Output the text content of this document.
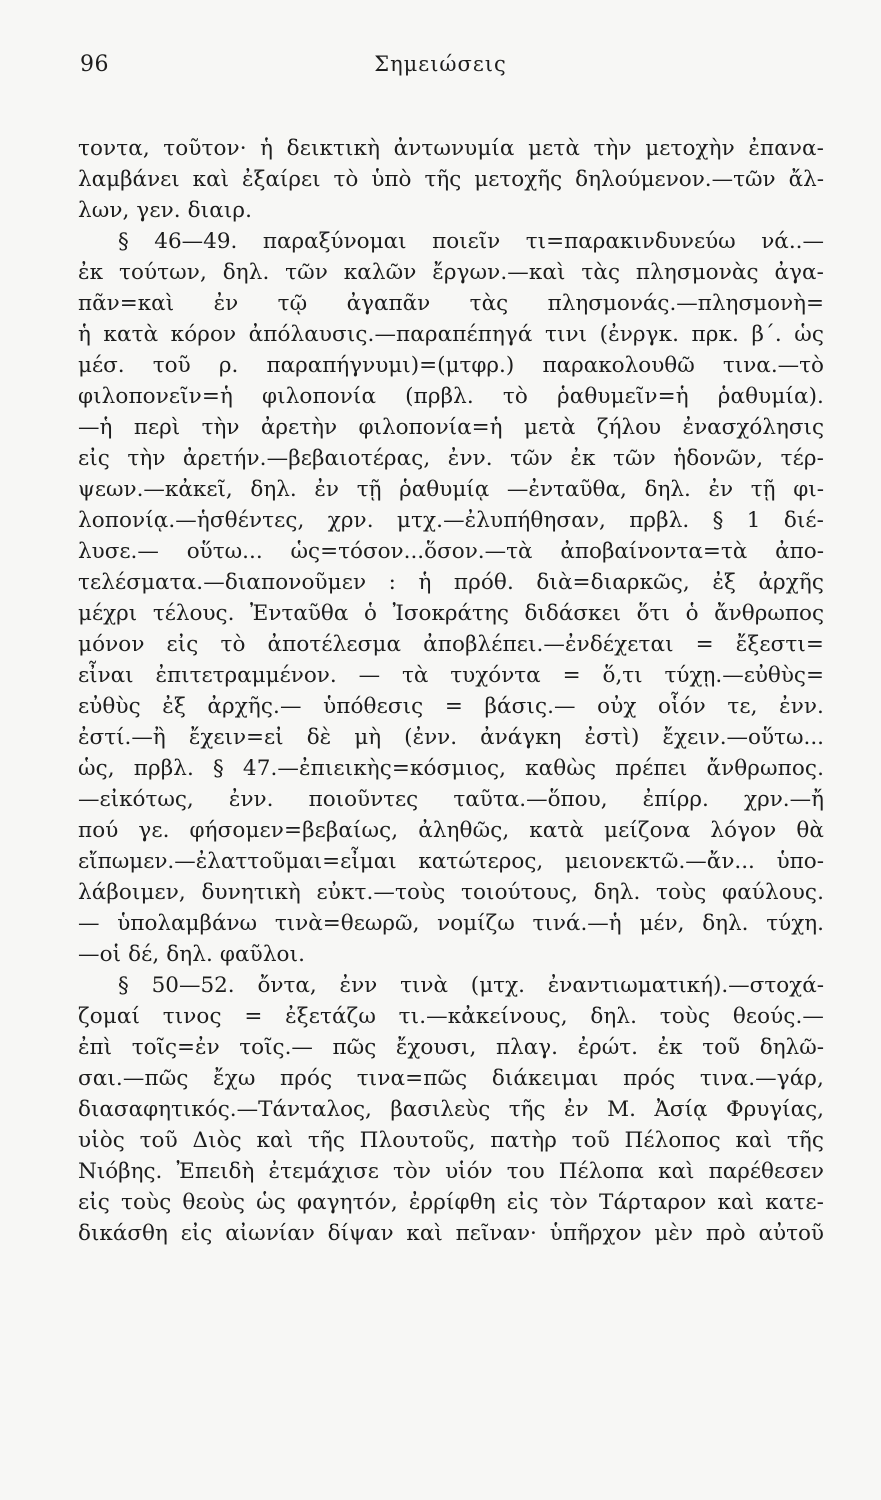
96	Σημειώσεις
τοντα, τοῦτον· ἡ δεικτικὴ ἀντωνυμία μετὰ τὴν μετοχὴν ἐπανα-
λαμβάνει καὶ ἐξαίρει τὸ ὑπὸ τῆς μετοχῆς δηλούμενον.—τῶν ἄλ-
λων, γεν. διαιρ.
§ 46—49. παραξύνομαι ποιεῖν τι=παρακινδυνεύω νά..—
ἐκ τούτων, δηλ. τῶν καλῶν ἔργων.—καὶ τὰς πλησμονὰς ἀγα-
πᾶν=καὶ ἐν τῷ ἀγαπᾶν τὰς πλησμονάς.—πλησμονὴ=
ἡ κατὰ κόρον ἀπόλαυσις.—παραπέπηγά τινι (ἐνργκ. πρκ. β΄. ὡς
μέσ. τοῦ ρ. παραπήγνυμι)=(μτφρ.) παρακολουθῶ τινα.—τὸ
φιλοπονεῖν=ἡ φιλοπονία (πρβλ. τὸ ῥαθυμεῖν=ἡ ῥαθυμία).
—ἡ περὶ τὴν ἀρετὴν φιλοπονία=ἡ μετὰ ζήλου ἐνασχόλησις
εἰς τὴν ἀρετήν.—βεβαιοτέρας, ἐνν. τῶν ἐκ τῶν ἡδονῶν, τέρ-
ψεων.—κἀκεῖ, δηλ. ἐν τῇ ῥαθυμίᾳ —ἐνταῦθα, δηλ. ἐν τῇ φι-
λοπονίᾳ.—ἡσθέντες, χρν. μτχ.—ἐλυπήθησαν, πρβλ. § 1 διέ-
λυσε.— οὕτω... ὡς=τόσον...ὅσον.—τὰ ἀποβαίνοντα=τὰ ἀπο-
τελέσματα.—διαπονοῦμεν : ἡ πρόθ. διὰ=διαρκῶς, ἐξ ἀρχῆς
μέχρι τέλους. Ἐνταῦθα ὁ Ἰσοκράτης διδάσκει ὅτι ὁ ἄνθρωπος
μόνον εἰς τὸ ἀποτέλεσμα ἀποβλέπει.—ἐνδέχεται = ἔξεστι=
εἶναι ἐπιτετραμμένον. — τὰ τυχόντα = ὅ,τι τύχῃ.—εὐθὺς=
εὐθὺς ἐξ ἀρχῆς.— ὑπόθεσις = βάσις.— οὐχ οἷόν τε, ἐνν.
ἐστί.—ἢ ἔχειν=εἰ δὲ μὴ (ἐνν. ἀνάγκη ἐστὶ) ἔχειν.—οὕτω...
ὡς, πρβλ. § 47.—ἐπιεικὴς=κόσμιος, καθὼς πρέπει ἄνθρωπος.
—εἰκότως, ἐνν. ποιοῦντες ταῦτα.—ὅπου, ἐπίρρ. χρν.—ἤ
πού γε. φήσομεν=βεβαίως, ἀληθῶς, κατὰ μείζονα λόγον θὰ
εἴπωμεν.—ἐλαττοῦμαι=εἶμαι κατώτερος, μειονεκτῶ.—ἄν... ὑπο-
λάβοιμεν, δυνητικὴ εὐκτ.—τοὺς τοιούτους, δηλ. τοὺς φαύλους.
— ὑπολαμβάνω τινὰ=θεωρῶ, νομίζω τινά.—ἡ μέν, δηλ. τύχη.
—οἱ δέ, δηλ. φαῦλοι.
§ 50—52. ὄντα, ἐνν τινὰ (μτχ. ἐναντιωματική).—στοχά-
ζομαί τινος = ἐξετάζω τι.—κἀκείνους, δηλ. τοὺς θεούς.—
ἐπὶ τοῖς=ἐν τοῖς.— πῶς ἔχουσι, πλαγ. ἐρώτ. ἐκ τοῦ δηλῶ-
σαι.—πῶς ἔχω πρός τινα=πῶς διάκειμαι πρός τινα.—γάρ,
διασαφητικός.—Τάνταλος, βασιλεὺς τῆς ἐν Μ. Ἀσίᾳ Φρυγίας,
υἱὸς τοῦ Διὸς καὶ τῆς Πλουτοῦς, πατὴρ τοῦ Πέλοπος καὶ τῆς
Νιόβης. Ἐπειδὴ ἐτεμάχισε τὸν υἱόν του Πέλοπα καὶ παρέθεσεν
εἰς τοὺς θεοὺς ὡς φαγητόν, ἐρρίφθη εἰς τὸν Τάρταρον καὶ κατε-
δικάσθη εἰς αἰωνίαν δίψαν καὶ πεῖναν· ὑπῆρχον μὲν πρὸ αὐτοῦ
